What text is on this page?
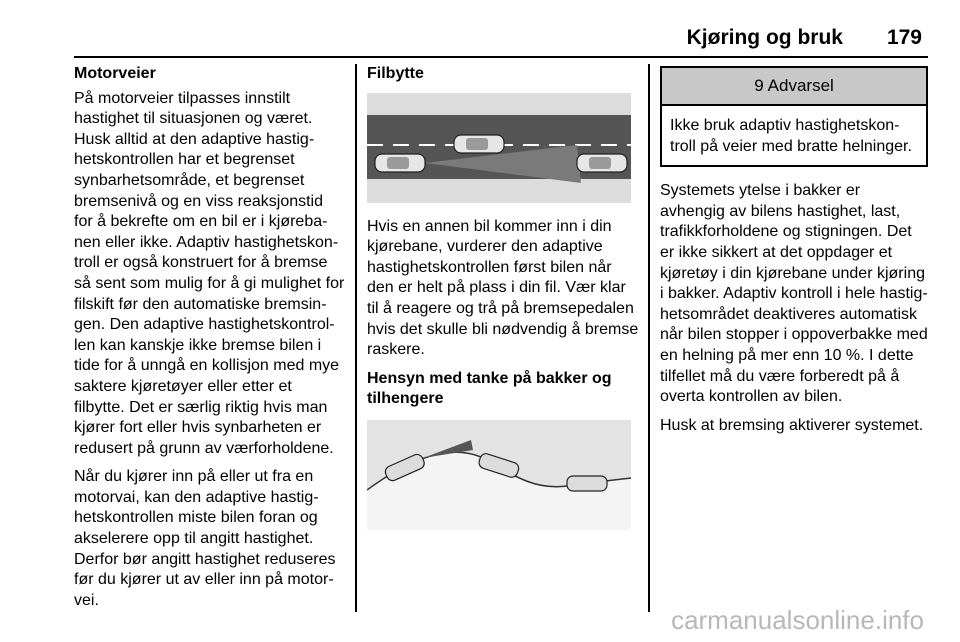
Kjøring og bruk 179
Motorveier

På motorveier tilpasses innstilt hastighet til situasjonen og været. Husk alltid at den adaptive hastighetskontrollen har et begrenset synbarhetsområde, et begrenset bremsenivå og en viss reaksjonstid for å bekrefte om en bil er i kjørebanen eller ikke. Adaptiv hastighetskontroll er også konstruert for å bremse så sent som mulig for å gi mulighet for filskift før den automatiske bremsingen. Den adaptive hastighetskontrollen kan kanskje ikke bremse bilen i tide for å unngå en kollisjon med mye saktere kjøretøyer eller etter et filbytte. Det er særlig riktig hvis man kjører fort eller hvis synbarheten er redusert på grunn av værforholdene.

Når du kjører inn på eller ut fra en motorvai, kan den adaptive hastighetskontrollen miste bilen foran og akselerere opp til angitt hastighet. Derfor bør angitt hastighet reduseres før du kjører ut av eller inn på motorvei.

Filbytte

Hvis en annen bil kommer inn i din kjørebane, vurderer den adaptive hastighetskontrollen først bilen når den er helt på plass i din fil. Vær klar til å reagere og trå på bremsepedalen hvis det skulle bli nødvendig å bremse raskere.

Hensyn med tanke på bakker og tilhengere
9 Advarsel
Ikke bruk adaptiv hastighetskontroll på veier med bratte helninger.

Systemets ytelse i bakker er avhengig av bilens hastighet, last, trafikkforholdene og stigningen. Det er ikke sikkert at det oppdager et kjøretøy i din kjørebane under kjøring i bakker. Adaptiv kontroll i hele hastighetsområdet deaktiveres automatisk når bilen stopper i oppoverbakke med en helning på mer enn 10 %. I dette tilfellet må du være forberedt på å overta kontrollen av bilen.

Husk at bremsing aktiverer systemet.

carmanualsonline.info
